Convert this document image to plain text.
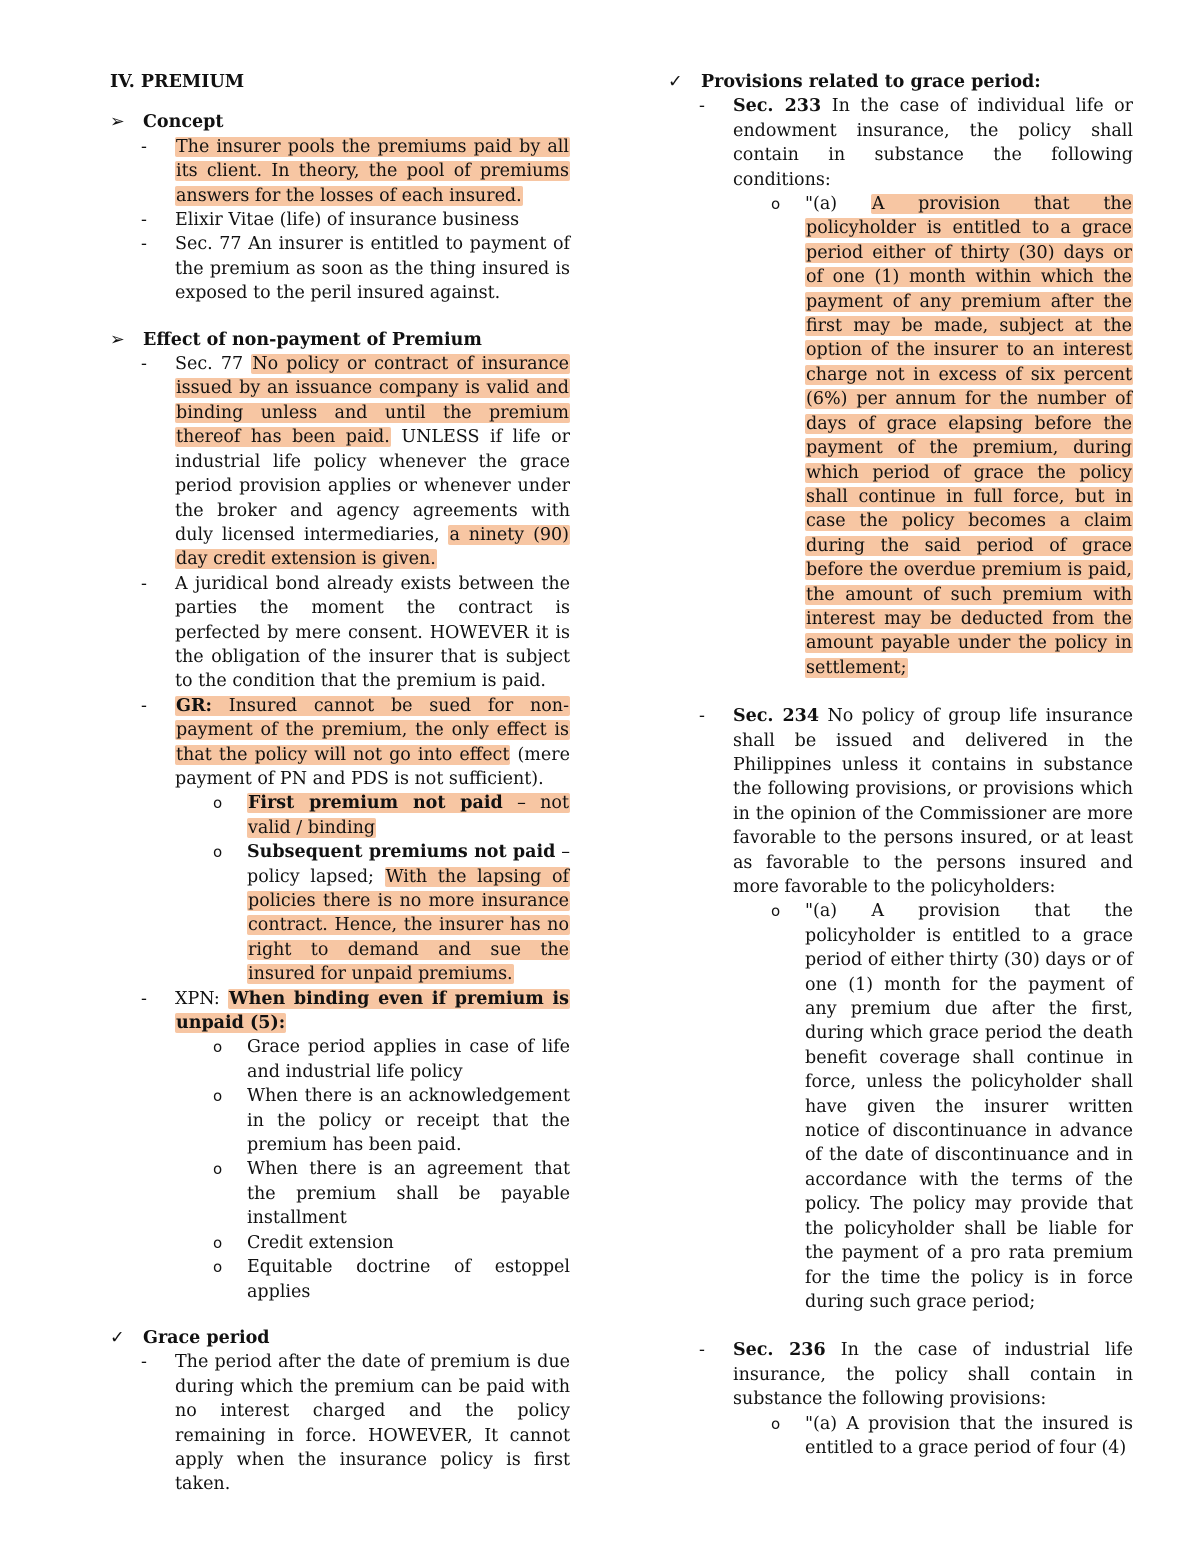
IV. PREMIUM
➢	Concept
-	The insurer pools the premiums paid by all its client. In theory, the pool of premiums answers for the losses of each insured.
-	Elixir Vitae (life) of insurance business
-	Sec. 77 An insurer is entitled to payment of the premium as soon as the thing insured is exposed to the peril insured against.
➢	Effect of non-payment of Premium
-	Sec. 77 No policy or contract of insurance issued by an issuance company is valid and binding unless and until the premium thereof has been paid. UNLESS if life or industrial life policy whenever the grace period provision applies or whenever under the broker and agency agreements with duly licensed intermediaries, a ninety (90) day credit extension is given.
-	A juridical bond already exists between the parties the moment the contract is perfected by mere consent. HOWEVER it is the obligation of the insurer that is subject to the condition that the premium is paid.
-	GR: Insured cannot be sued for non-payment of the premium, the only effect is that the policy will not go into effect (mere payment of PN and PDS is not sufficient).
o	First premium not paid – not valid / binding
o	Subsequent premiums not paid – policy lapsed; With the lapsing of policies there is no more insurance contract. Hence, the insurer has no right to demand and sue the insured for unpaid premiums.
-	XPN: When binding even if premium is unpaid (5):
o	Grace period applies in case of life and industrial life policy
o	When there is an acknowledgement in the policy or receipt that the premium has been paid.
o	When there is an agreement that the premium shall be payable installment
o	Credit extension
o	Equitable doctrine of estoppel applies
✓	Grace period
-	The period after the date of premium is due during which the premium can be paid with no interest charged and the policy remaining in force. HOWEVER, It cannot apply when the insurance policy is first taken.
✓	Provisions related to grace period:
-	Sec. 233 In the case of individual life or endowment insurance, the policy shall contain in substance the following conditions:
o	"(a) A provision that the policyholder is entitled to a grace period either of thirty (30) days or of one (1) month within which the payment of any premium after the first may be made, subject at the option of the insurer to an interest charge not in excess of six percent (6%) per annum for the number of days of grace elapsing before the payment of the premium, during which period of grace the policy shall continue in full force, but in case the policy becomes a claim during the said period of grace before the overdue premium is paid, the amount of such premium with interest may be deducted from the amount payable under the policy in settlement;
-	Sec. 234 No policy of group life insurance shall be issued and delivered in the Philippines unless it contains in substance the following provisions, or provisions which in the opinion of the Commissioner are more favorable to the persons insured, or at least as favorable to the persons insured and more favorable to the policyholders:
o	"(a) A provision that the policyholder is entitled to a grace period of either thirty (30) days or of one (1) month for the payment of any premium due after the first, during which grace period the death benefit coverage shall continue in force, unless the policyholder shall have given the insurer written notice of discontinuance in advance of the date of discontinuance and in accordance with the terms of the policy. The policy may provide that the policyholder shall be liable for the payment of a pro rata premium for the time the policy is in force during such grace period;
-	Sec. 236 In the case of industrial life insurance, the policy shall contain in substance the following provisions:
o	"(a) A provision that the insured is entitled to a grace period of four (4)
